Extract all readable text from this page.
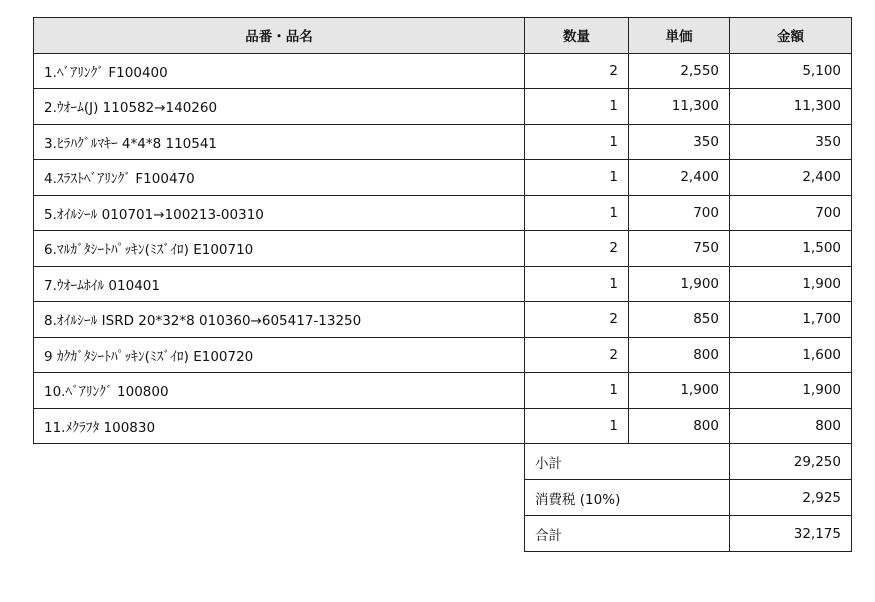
品番・品名	数量	単価	金額
1.ﾍﾞｱﾘﾝｸﾞ F100400	2	2,550	5,100
2.ｳｵｰﾑ(J) 110582→140260	1	11,300	11,300
3.ﾋﾗﾊｸﾞﾙﾏｷｰ 4*4*8 110541	1	350	350
4.ｽﾗｽﾄﾍﾞｱﾘﾝｸﾞ F100470	1	2,400	2,400
5.ｵｲﾙｼｰﾙ 010701→100213-00310	1	700	700
6.ﾏﾙｶﾞﾀｼｰﾄﾊﾟｯｷﾝ(ﾐｽﾞｲﾛ) E100710	2	750	1,500
7.ｳｵｰﾑﾎｲﾙ 010401	1	1,900	1,900
8.ｵｲﾙｼｰﾙ ISRD 20*32*8 010360→605417-13250	2	850	1,700
9 ｶｸｶﾞﾀｼｰﾄﾊﾟｯｷﾝ(ﾐｽﾞｲﾛ) E100720	2	800	1,600
10.ﾍﾞｱﾘﾝｸﾞ 100800	1	1,900	1,900
11.ﾒｸﾗﾌﾀ 100830	1	800	800
小計	29,250
消費税 (10%)	2,925
合計	32,175
